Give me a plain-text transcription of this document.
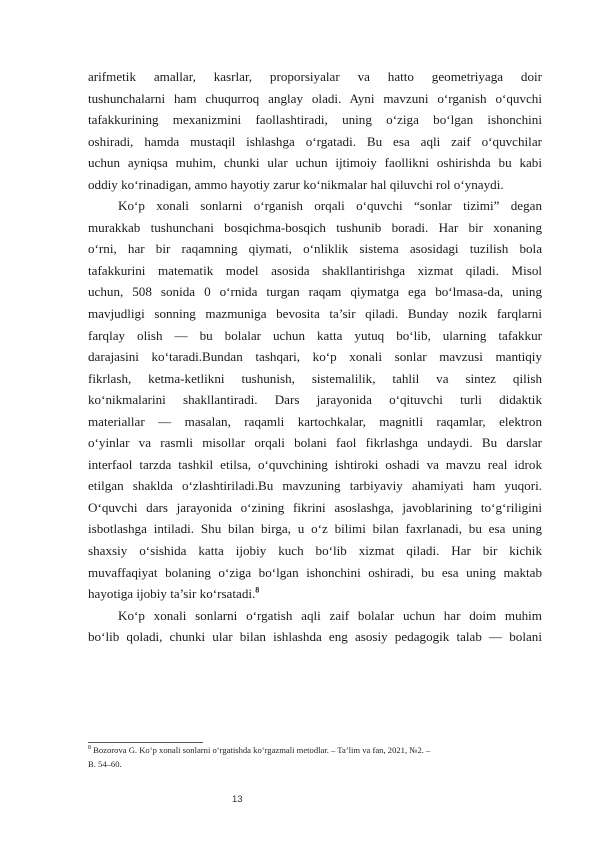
arifmetik amallar, kasrlar, proporsiyalar va hatto geometriyaga doir
tushunchalarni ham chuqurroq anglay oladi. Ayni mavzuni o‘rganish o‘quvchi
tafakkurining mexanizmini faollashtiradi, uning o‘ziga bo‘lgan ishonchini
oshiradi, hamda mustaqil ishlashga o‘rgatadi. Bu esa aqli zaif o‘quvchilar
uchun ayniqsa muhim, chunki ular uchun ijtimoiy faollikni oshirishda bu kabi
oddiy ko‘rinadigan, ammo hayotiy zarur ko‘nikmalar hal qiluvchi rol o‘ynaydi.
Ko‘p xonali sonlarni o‘rganish orqali o‘quvchi “sonlar tizimi” degan
murakkab tushunchani bosqichma-bosqich tushunib boradi. Har bir xonaning
o‘rni, har bir raqamning qiymati, o‘nliklik sistema asosidagi tuzilish bola
tafakkurini matematik model asosida shakllantirishga xizmat qiladi. Misol
uchun, 508 sonida 0 o‘rnida turgan raqam qiymatga ega bo‘lmasa-da, uning
mavjudligi sonning mazmuniga bevosita ta’sir qiladi. Bunday nozik farqlarni
farqlay olish — bu bolalar uchun katta yutuq bo‘lib, ularning tafakkur
darajasini ko‘taradi.Bundan tashqari, ko‘p xonali sonlar mavzusi mantiqiy
fikrlash, ketma-ketlikni tushunish, sistemalilik, tahlil va sintez qilish
ko‘nikmalarini shakllantiradi. Dars jarayonida o‘qituvchi turli didaktik
materiallar — masalan, raqamli kartochkalar, magnitli raqamlar, elektron
o‘yinlar va rasmli misollar orqali bolani faol fikrlashga undaydi. Bu darslar
interfaol tarzda tashkil etilsa, o‘quvchining ishtiroki oshadi va mavzu real idrok
etilgan shaklda o‘zlashtiriladi.Bu mavzuning tarbiyaviy ahamiyati ham yuqori.
O‘quvchi dars jarayonida o‘zining fikrini asoslashga, javoblarining to‘g‘riligini
isbotlashga intiladi. Shu bilan birga, u o‘z bilimi bilan faxrlanadi, bu esa uning
shaxsiy o‘sishida katta ijobiy kuch bo‘lib xizmat qiladi. Har bir kichik
muvaffaqiyat bolaning o‘ziga bo‘lgan ishonchini oshiradi, bu esa uning maktab
hayotiga ijobiy ta’sir ko‘rsatadi.$^8$
Ko‘p xonali sonlarni o‘rgatish aqli zaif bolalar uchun har doim muhim
bo‘lib qoladi, chunki ular bilan ishlashda eng asosiy pedagogik talab — bolani
$^8$ Bozorova G. Ko‘p xonali sonlarni o‘rgatishda ko‘rgazmali metodlar. – Ta’lim va fan, 2021, №2. –
B. 54–60.
13
